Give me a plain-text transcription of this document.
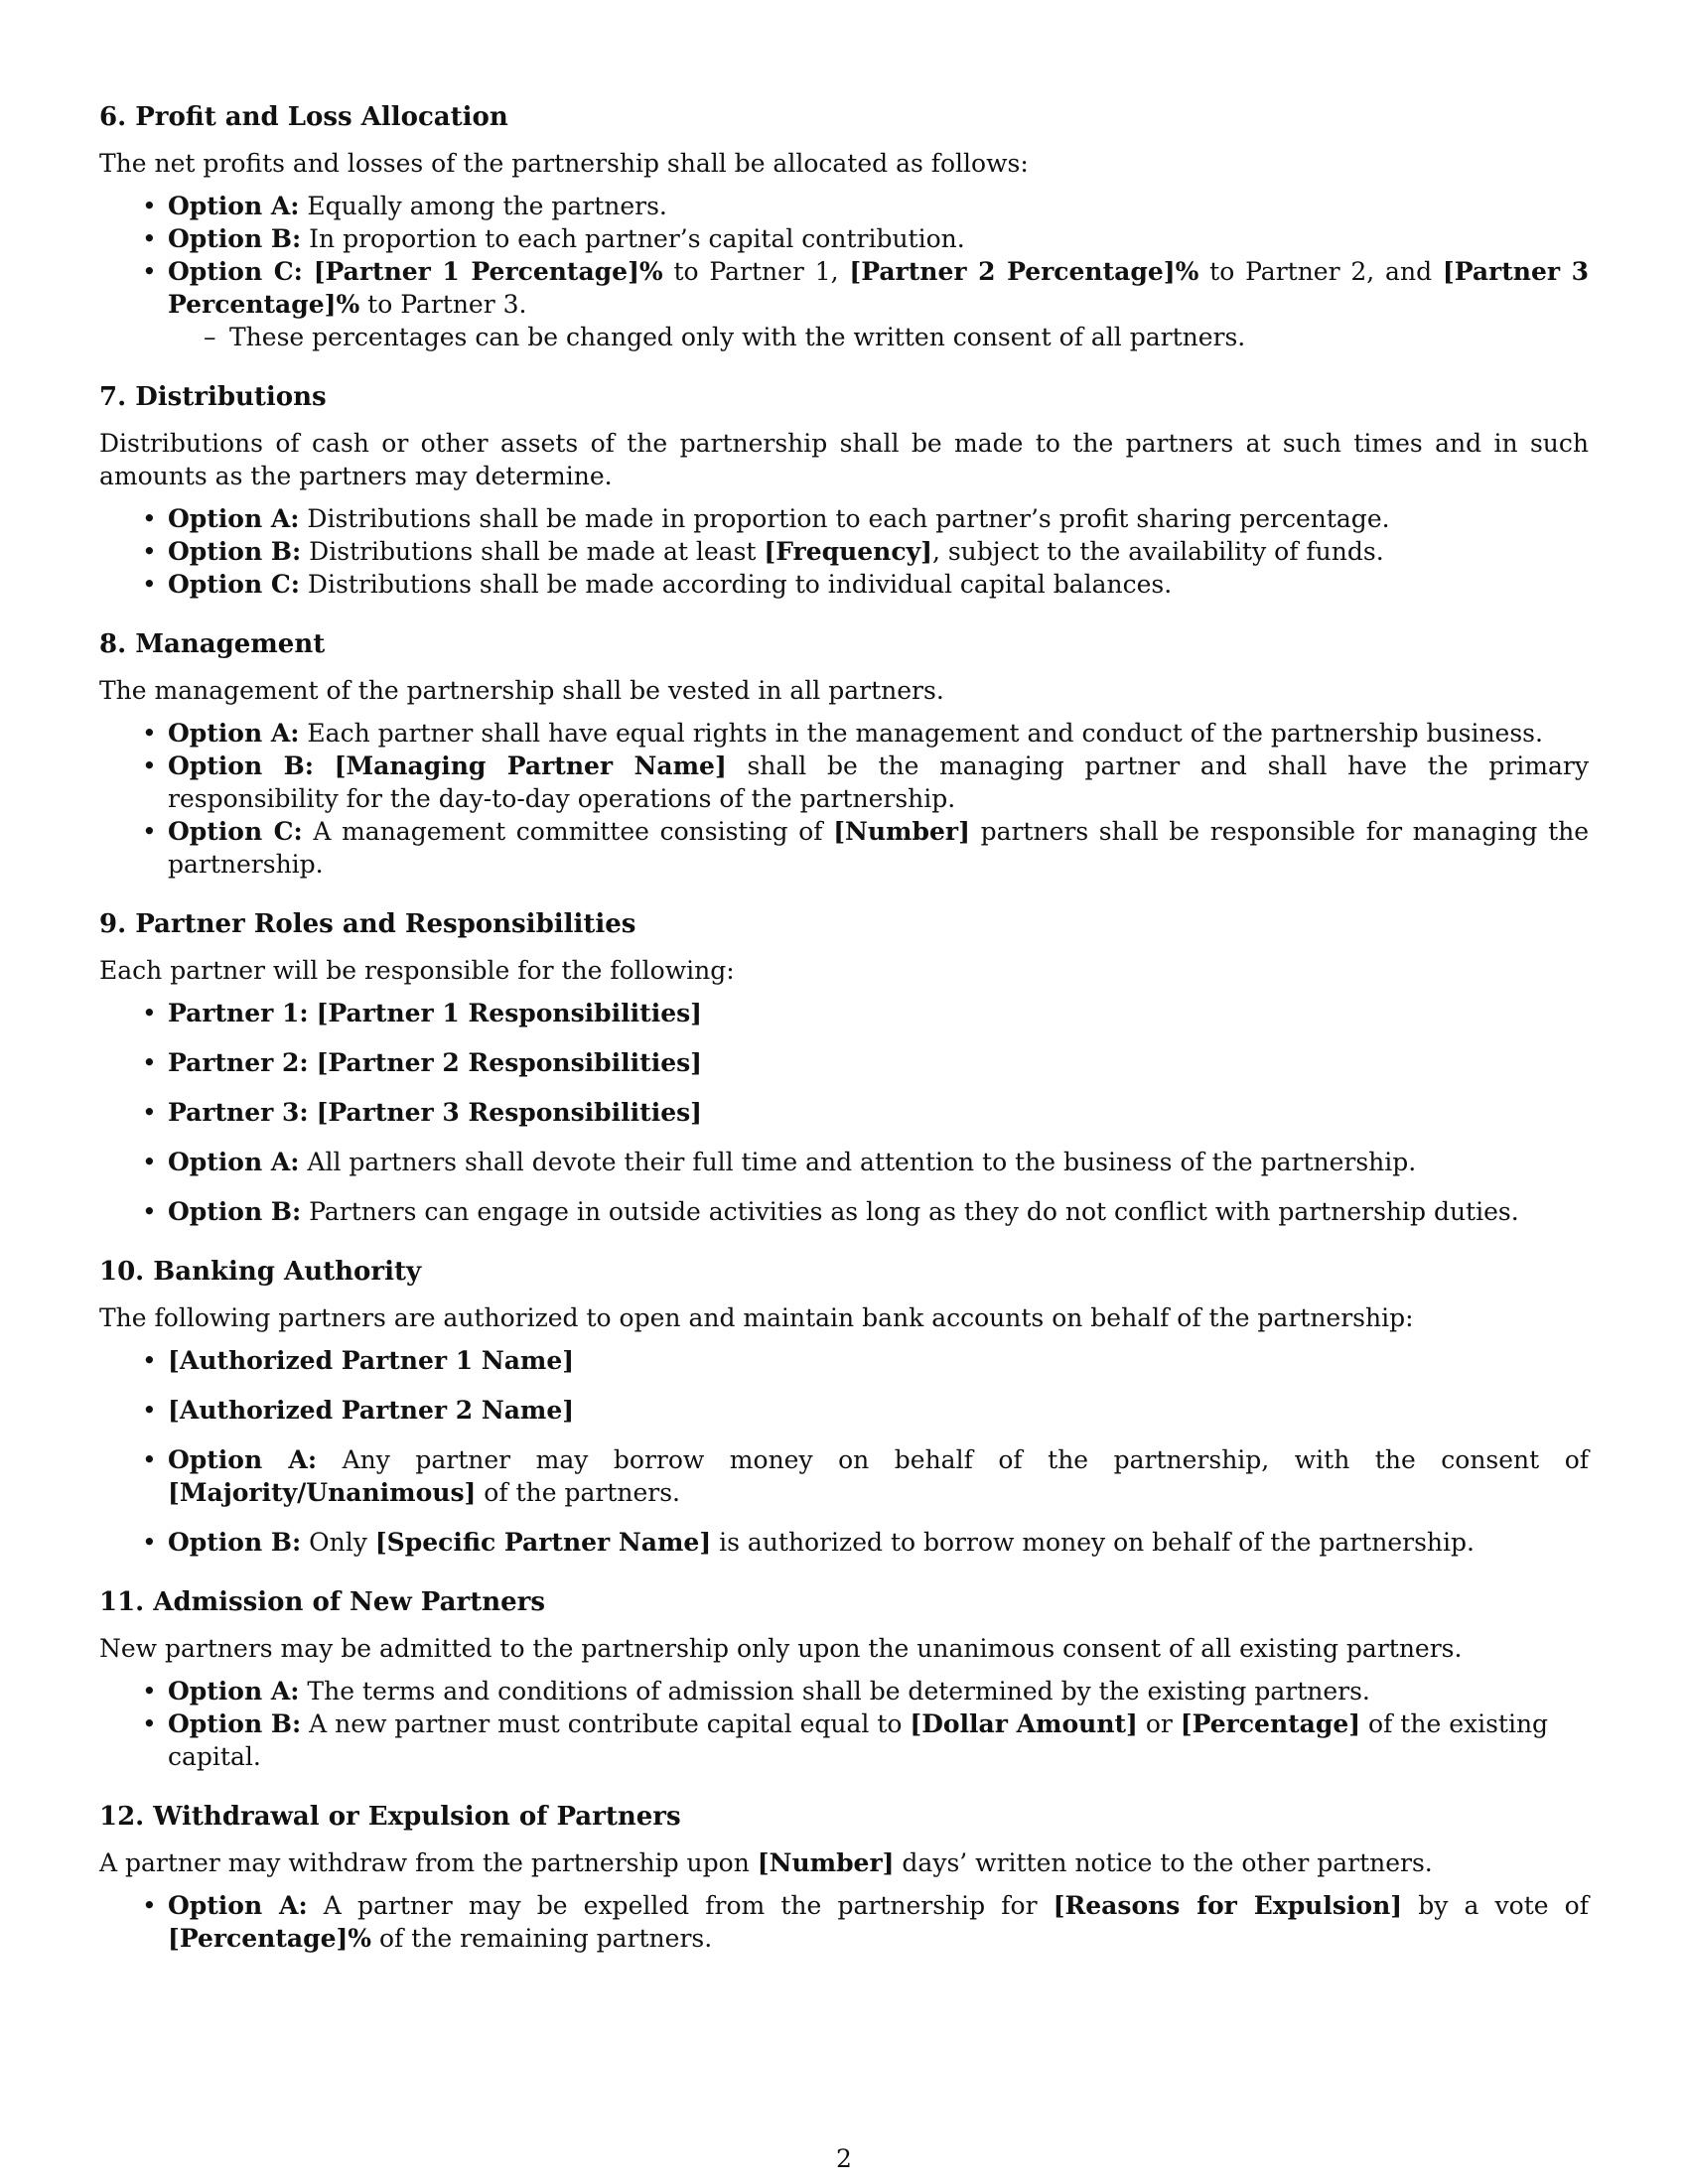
6. Profit and Loss Allocation

The net profits and losses of the partnership shall be allocated as follows:

• Option A: Equally among the partners.
• Option B: In proportion to each partner’s capital contribution.
• Option C: [Partner 1 Percentage]% to Partner 1, [Partner 2 Percentage]% to Partner 2, and [Partner 3 Percentage]% to Partner 3.
– These percentages can be changed only with the written consent of all partners.
7. Distributions

Distributions of cash or other assets of the partnership shall be made to the partners at such times and in such amounts as the partners may determine.

• Option A: Distributions shall be made in proportion to each partner’s profit sharing percentage.
• Option B: Distributions shall be made at least [Frequency], subject to the availability of funds.
• Option C: Distributions shall be made according to individual capital balances.
8. Management

The management of the partnership shall be vested in all partners.

• Option A: Each partner shall have equal rights in the management and conduct of the partnership business.
• Option B: [Managing Partner Name] shall be the managing partner and shall have the primary responsibility for the day-to-day operations of the partnership.
• Option C: A management committee consisting of [Number] partners shall be responsible for managing the partnership.
9. Partner Roles and Responsibilities

Each partner will be responsible for the following:

• Partner 1: [Partner 1 Responsibilities]
• Partner 2: [Partner 2 Responsibilities]
• Partner 3: [Partner 3 Responsibilities]
• Option A: All partners shall devote their full time and attention to the business of the partnership.
• Option B: Partners can engage in outside activities as long as they do not conflict with partnership duties.
10. Banking Authority

The following partners are authorized to open and maintain bank accounts on behalf of the partnership:

• [Authorized Partner 1 Name]
• [Authorized Partner 2 Name]
• Option A: Any partner may borrow money on behalf of the partnership, with the consent of [Majority/Unanimous] of the partners.
• Option B: Only [Specific Partner Name] is authorized to borrow money on behalf of the partnership.
11. Admission of New Partners

New partners may be admitted to the partnership only upon the unanimous consent of all existing partners.

• Option A: The terms and conditions of admission shall be determined by the existing partners.
• Option B: A new partner must contribute capital equal to [Dollar Amount] or [Percentage] of the existing capital.
12. Withdrawal or Expulsion of Partners

A partner may withdraw from the partnership upon [Number] days’ written notice to the other partners.

• Option A: A partner may be expelled from the partnership for [Reasons for Expulsion] by a vote of [Percentage]% of the remaining partners.
2
